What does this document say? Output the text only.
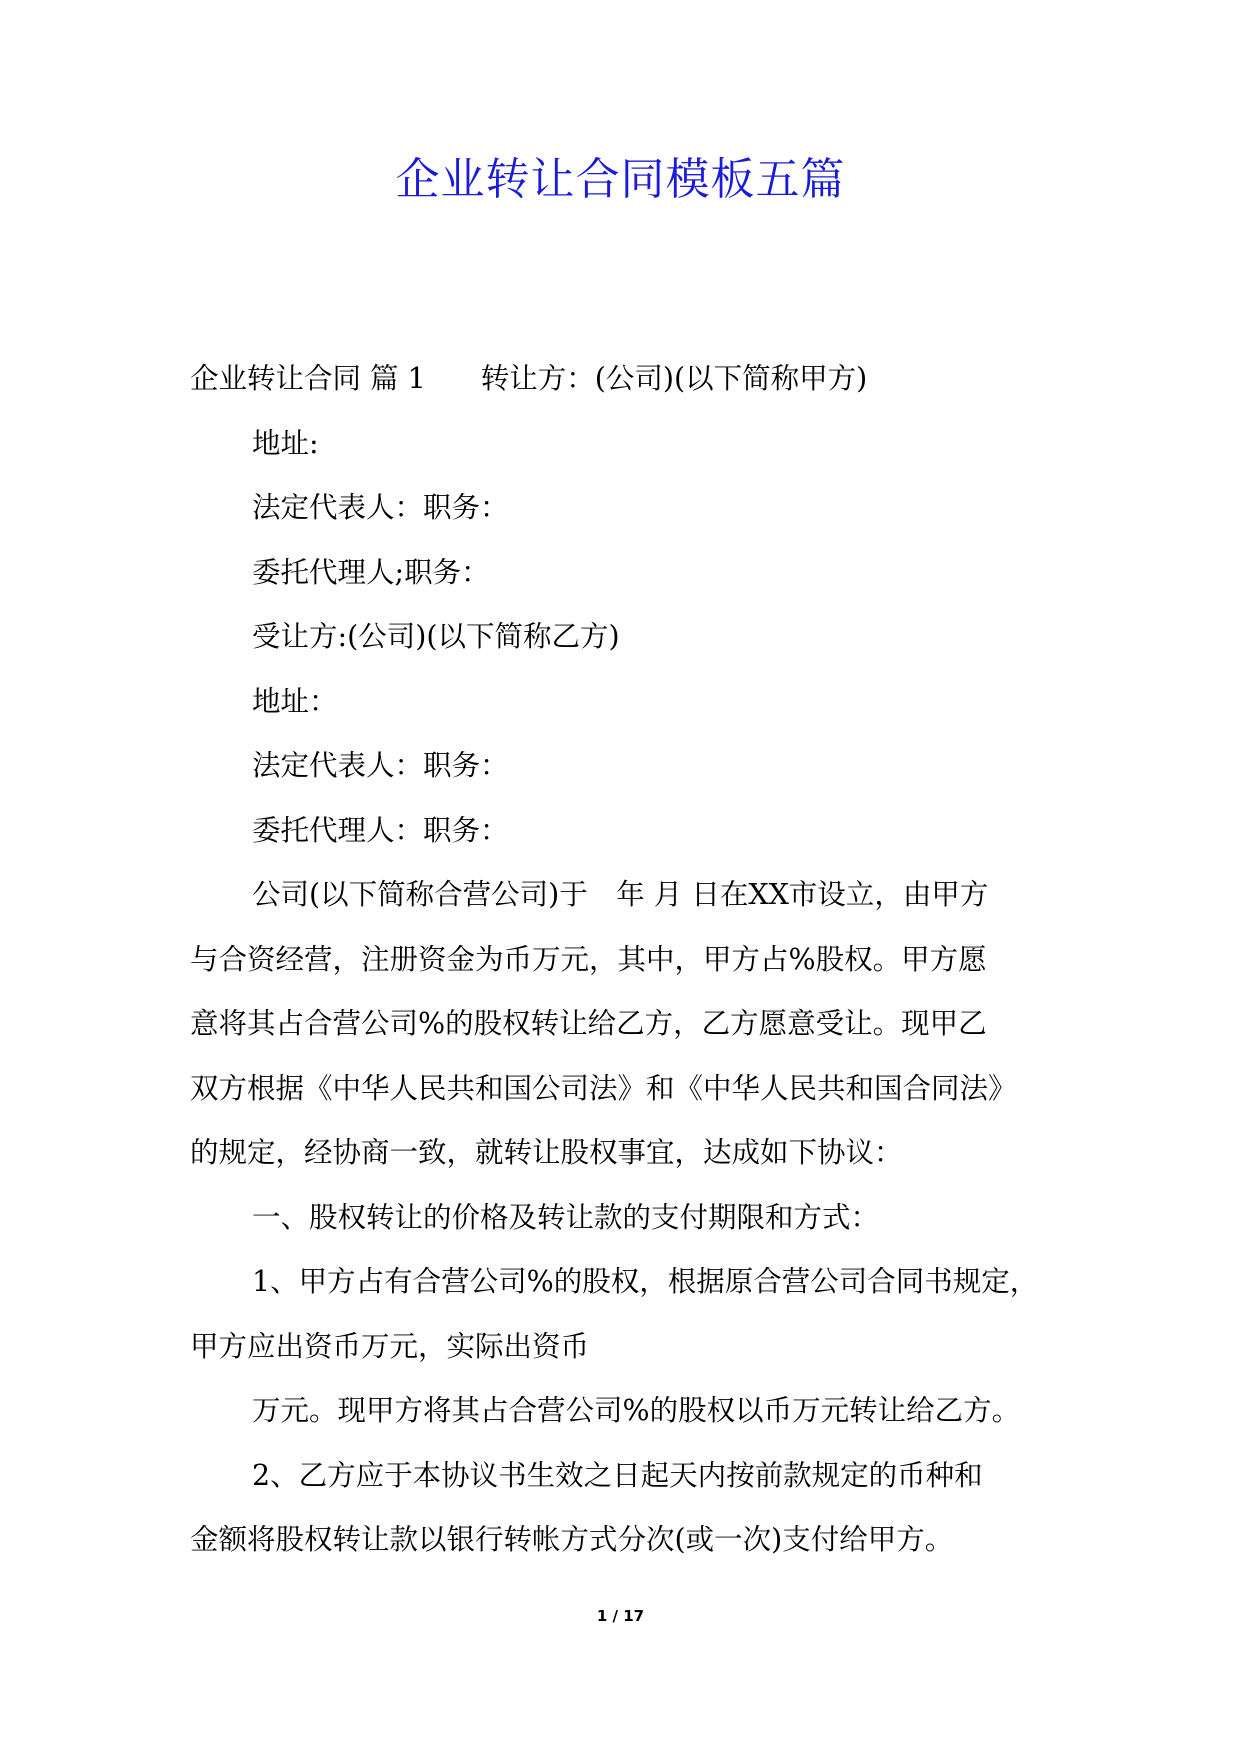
企业转让合同模板五篇
企业转让合同 篇 1 转让方：(公司)(以下简称甲方)
地址:
法定代表人：职务：
委托代理人;职务：
受让方:(公司)(以下简称乙方)
地址：
法定代表人：职务：
委托代理人：职务：
公司(以下简称合营公司)于　年 月 日在XX市设立，由甲方
与合资经营，注册资金为币万元，其中，甲方占%股权。甲方愿
意将其占合营公司%的股权转让给乙方，乙方愿意受让。现甲乙
双方根据《中华人民共和国公司法》和《中华人民共和国合同法》
的规定，经协商一致，就转让股权事宜，达成如下协议：
一、股权转让的价格及转让款的支付期限和方式：
1、甲方占有合营公司%的股权，根据原合营公司合同书规定，
甲方应出资币万元，实际出资币
万元。现甲方将其占合营公司%的股权以币万元转让给乙方。
2、乙方应于本协议书生效之日起天内按前款规定的币种和
金额将股权转让款以银行转帐方式分次(或一次)支付给甲方。
1 / 17
